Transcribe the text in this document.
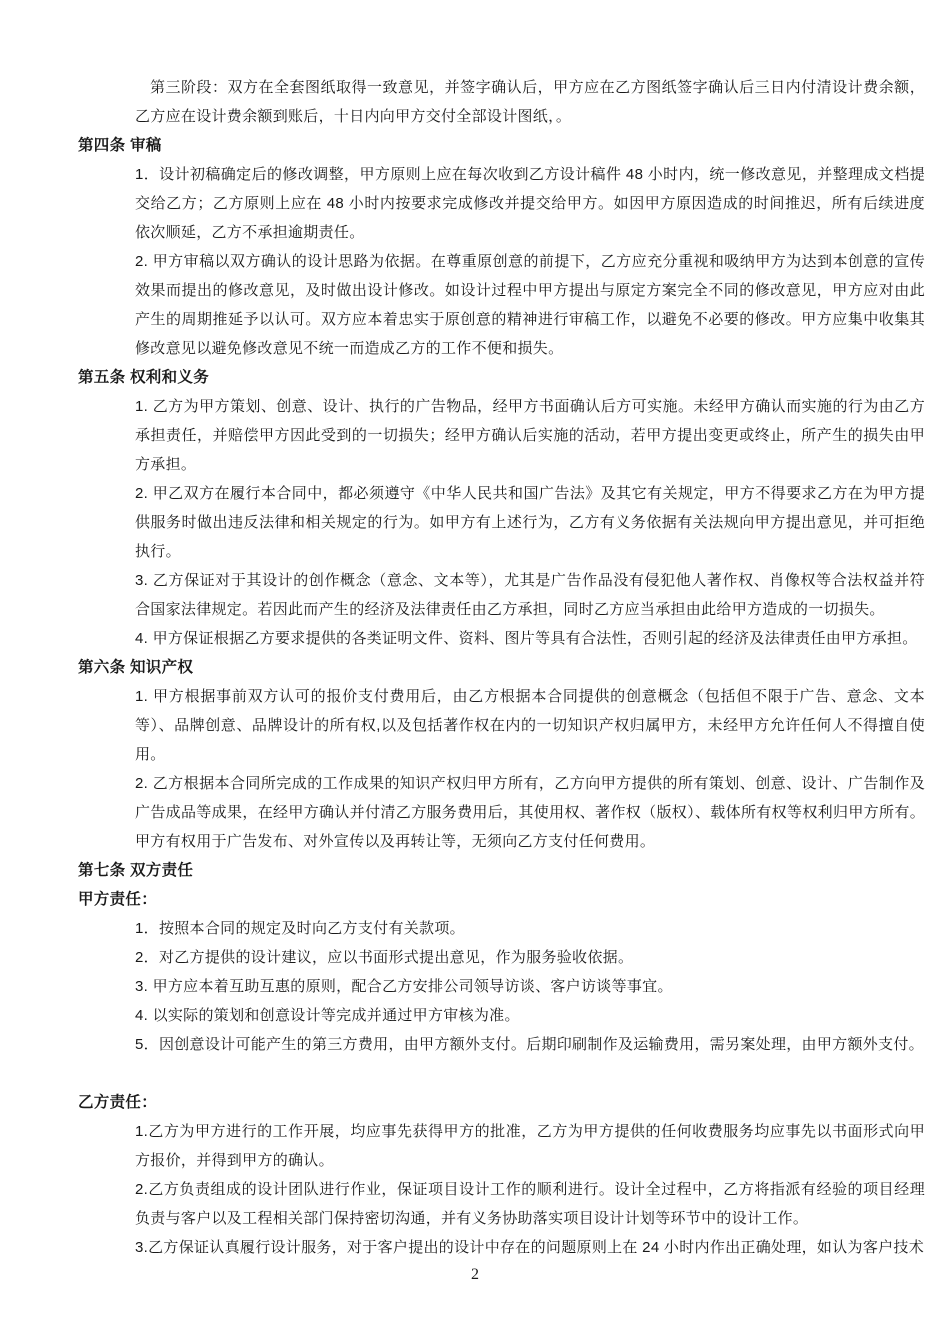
第三阶段：双方在全套图纸取得一致意见，并签字确认后，甲方应在乙方图纸签字确认后三日内付清设计费余额，乙方应在设计费余额到账后，十日内向甲方交付全部设计图纸，。
第四条 审稿
1．设计初稿确定后的修改调整，甲方原则上应在每次收到乙方设计稿件 48 小时内，统一修改意见，并整理成文档提交给乙方；乙方原则上应在 48 小时内按要求完成修改并提交给甲方。如因甲方原因造成的时间推迟，所有后续进度依次顺延，乙方不承担逾期责任。
2. 甲方审稿以双方确认的设计思路为依据。在尊重原创意的前提下，乙方应充分重视和吸纳甲方为达到本创意的宣传效果而提出的修改意见，及时做出设计修改。如设计过程中甲方提出与原定方案完全不同的修改意见，甲方应对由此产生的周期推延予以认可。双方应本着忠实于原创意的精神进行审稿工作，以避免不必要的修改。甲方应集中收集其修改意见以避免修改意见不统一而造成乙方的工作不便和损失。
第五条 权利和义务
1. 乙方为甲方策划、创意、设计、执行的广告物品，经甲方书面确认后方可实施。未经甲方确认而实施的行为由乙方承担责任，并赔偿甲方因此受到的一切损失；经甲方确认后实施的活动，若甲方提出变更或终止，所产生的损失由甲方承担。
2. 甲乙双方在履行本合同中，都必须遵守《中华人民共和国广告法》及其它有关规定，甲方不得要求乙方在为甲方提供服务时做出违反法律和相关规定的行为。如甲方有上述行为，乙方有义务依据有关法规向甲方提出意见，并可拒绝执行。
3. 乙方保证对于其设计的创作概念（意念、文本等），尤其是广告作品没有侵犯他人著作权、肖像权等合法权益并符合国家法律规定。若因此而产生的经济及法律责任由乙方承担，同时乙方应当承担由此给甲方造成的一切损失。
4. 甲方保证根据乙方要求提供的各类证明文件、资料、图片等具有合法性，否则引起的经济及法律责任由甲方承担。
第六条 知识产权
1. 甲方根据事前双方认可的报价支付费用后，由乙方根据本合同提供的创意概念（包括但不限于广告、意念、文本等）、品牌创意、品牌设计的所有权,以及包括著作权在内的一切知识产权归属甲方，未经甲方允许任何人不得擅自使用。
2. 乙方根据本合同所完成的工作成果的知识产权归甲方所有，乙方向甲方提供的所有策划、创意、设计、广告制作及广告成品等成果，在经甲方确认并付清乙方服务费用后，其使用权、著作权（版权）、载体所有权等权利归甲方所有。甲方有权用于广告发布、对外宣传以及再转让等，无须向乙方支付任何费用。
第七条 双方责任
甲方责任：
1．按照本合同的规定及时向乙方支付有关款项。
2．对乙方提供的设计建议，应以书面形式提出意见，作为服务验收依据。
3. 甲方应本着互助互惠的原则，配合乙方安排公司领导访谈、客户访谈等事宜。
4. 以实际的策划和创意设计等完成并通过甲方审核为准。
5．因创意设计可能产生的第三方费用，由甲方额外支付。后期印刷制作及运输费用，需另案处理，由甲方额外支付。
乙方责任：
1.乙方为甲方进行的工作开展，均应事先获得甲方的批准，乙方为甲方提供的任何收费服务均应事先以书面形式向甲方报价，并得到甲方的确认。
2.乙方负责组成的设计团队进行作业，保证项目设计工作的顺利进行。设计全过程中，乙方将指派有经验的项目经理负责与客户以及工程相关部门保持密切沟通，并有义务协助落实项目设计计划等环节中的设计工作。
3.乙方保证认真履行设计服务，对于客户提出的设计中存在的问题原则上在 24 小时内作出正确处理，如认为客户技术
2
